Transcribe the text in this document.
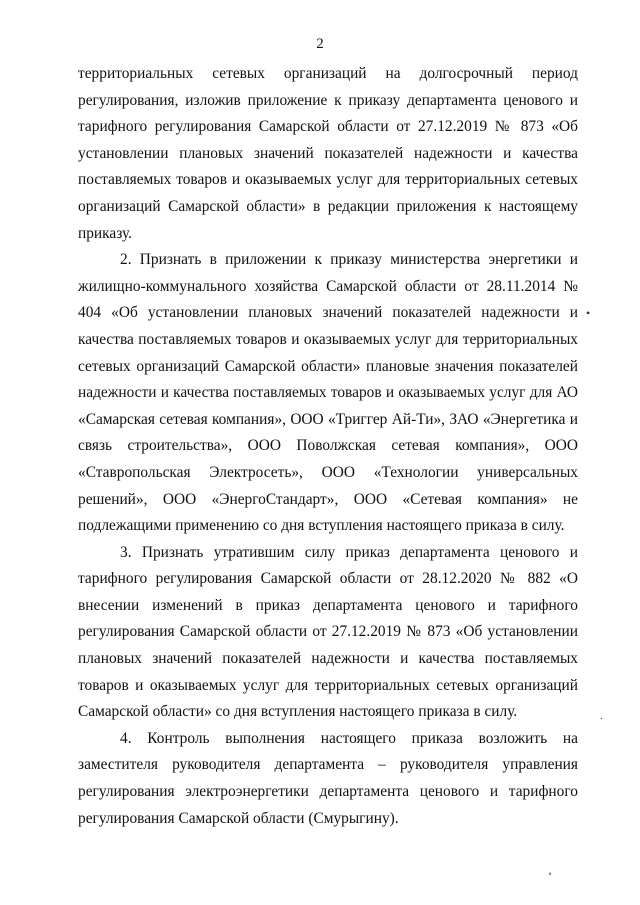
2

территориальных сетевых организаций на долгосрочный период регулирования, изложив приложение к приказу департамента ценового и тарифного регулирования Самарской области от 27.12.2019 № 873 «Об установлении плановых значений показателей надежности и качества поставляемых товаров и оказываемых услуг для территориальных сетевых организаций Самарской области» в редакции приложения к настоящему приказу.

2. Признать в приложении к приказу министерства энергетики и жилищно-коммунального хозяйства Самарской области от 28.11.2014 № 404 «Об установлении плановых значений показателей надежности и качества поставляемых товаров и оказываемых услуг для территориальных сетевых организаций Самарской области» плановые значения показателей надежности и качества поставляемых товаров и оказываемых услуг для АО «Самарская сетевая компания», ООО «Триггер Ай-Ти», ЗАО «Энергетика и связь строительства», ООО Поволжская сетевая компания», ООО «Ставропольская Электросеть», ООО «Технологии универсальных решений», ООО «ЭнергоСтандарт», ООО «Сетевая компания» не подлежащими применению со дня вступления настоящего приказа в силу.

3. Признать утратившим силу приказ департамента ценового и тарифного регулирования Самарской области от 28.12.2020 № 882 «О внесении изменений в приказ департамента ценового и тарифного регулирования Самарской области от 27.12.2019 № 873 «Об установлении плановых значений показателей надежности и качества поставляемых товаров и оказываемых услуг для территориальных сетевых организаций Самарской области» со дня вступления настоящего приказа в силу.

4. Контроль выполнения настоящего приказа возложить на заместителя руководителя департамента – руководителя управления регулирования электроэнергетики департамента ценового и тарифного регулирования Самарской области (Смурыгину).

•
.
˚
